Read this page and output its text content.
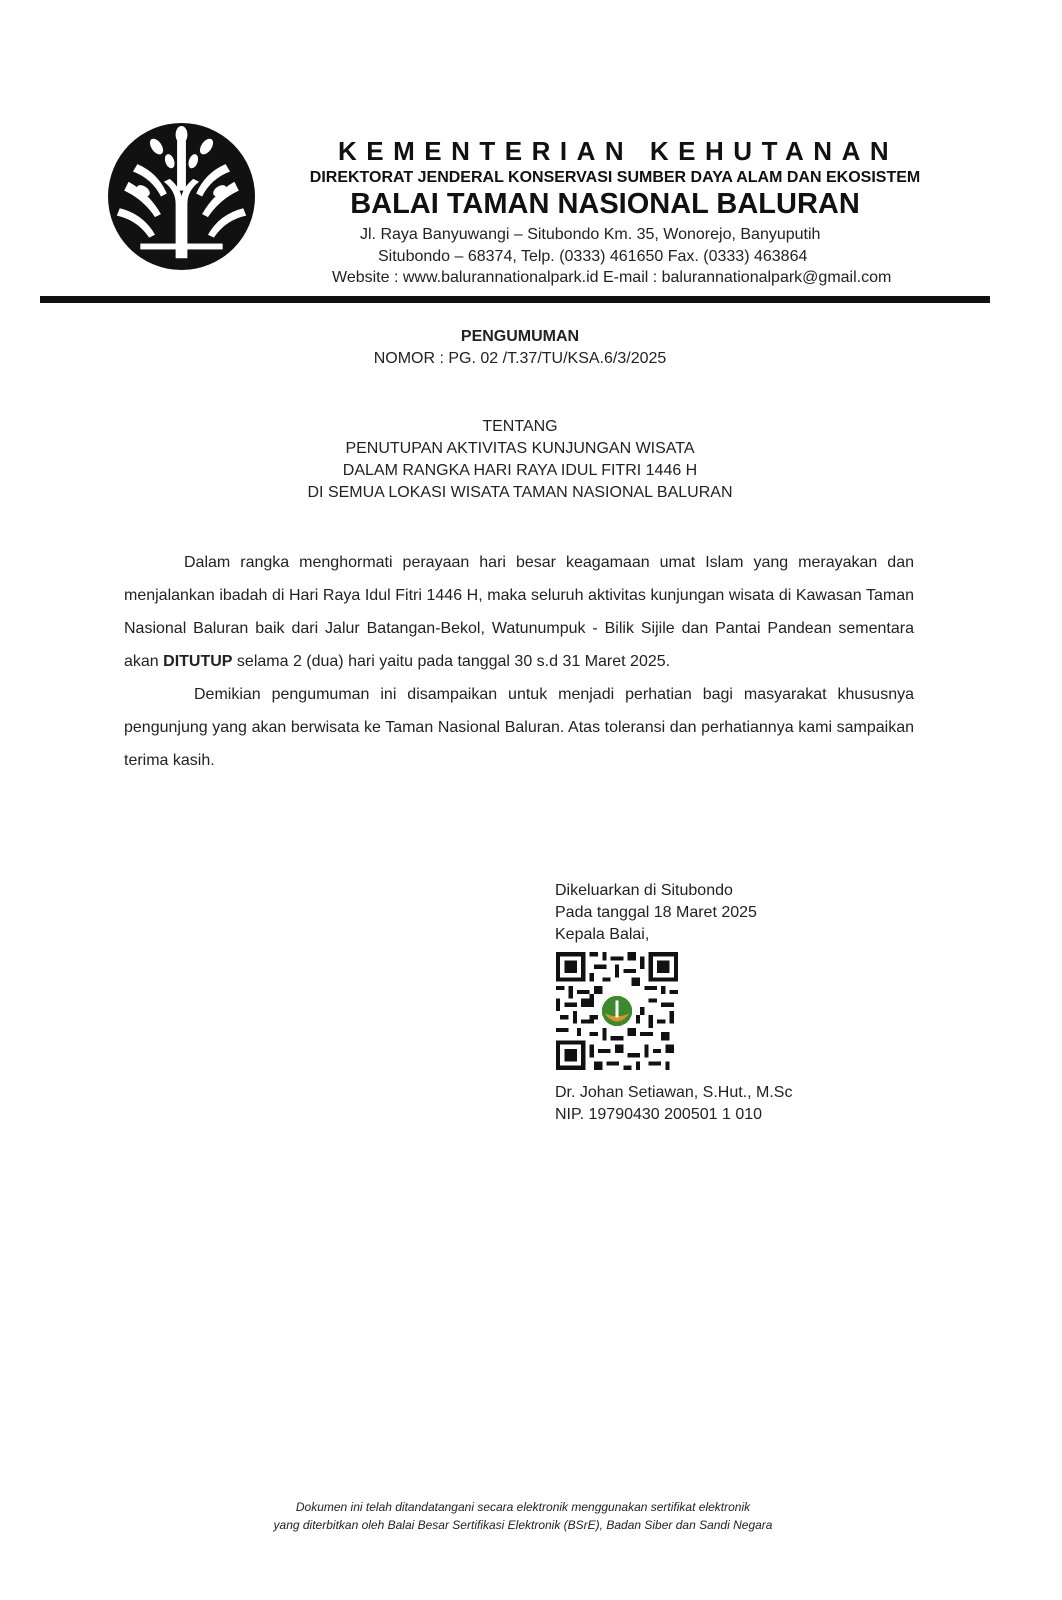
KEMENTERIAN KEHUTANAN
DIREKTORAT JENDERAL KONSERVASI SUMBER DAYA ALAM DAN EKOSISTEM
BALAI TAMAN NASIONAL BALURAN
Jl. Raya Banyuwangi – Situbondo Km. 35, Wonorejo, Banyuputih
Situbondo – 68374, Telp. (0333) 461650 Fax. (0333) 463864
Website : www.balurannationalpark.id E-mail : balurannationalpark@gmail.com
PENGUMUMAN
NOMOR : PG. 02 /T.37/TU/KSA.6/3/2025
TENTANG
PENUTUPAN AKTIVITAS KUNJUNGAN WISATA
DALAM RANGKA HARI RAYA IDUL FITRI 1446 H
DI SEMUA LOKASI WISATA TAMAN NASIONAL BALURAN

Dalam rangka menghormati perayaan hari besar keagamaan umat Islam yang merayakan dan menjalankan ibadah di Hari Raya Idul Fitri 1446 H, maka seluruh aktivitas kunjungan wisata di Kawasan Taman Nasional Baluran baik dari Jalur Batangan-Bekol, Watunumpuk - Bilik Sijile dan Pantai Pandean sementara akan DITUTUP selama 2 (dua) hari yaitu pada tanggal 30 s.d 31 Maret 2025.

Demikian pengumuman ini disampaikan untuk menjadi perhatian bagi masyarakat khususnya pengunjung yang akan berwisata ke Taman Nasional Baluran. Atas toleransi dan perhatiannya kami sampaikan terima kasih.

Dikeluarkan di Situbondo
Pada tanggal 18 Maret 2025
Kepala Balai,
Dr. Johan Setiawan, S.Hut., M.Sc
NIP. 19790430 200501 1 010
Dokumen ini telah ditandatangani secara elektronik menggunakan sertifikat elektronik
yang diterbitkan oleh Balai Besar Sertifikasi Elektronik (BSrE), Badan Siber dan Sandi Negara
